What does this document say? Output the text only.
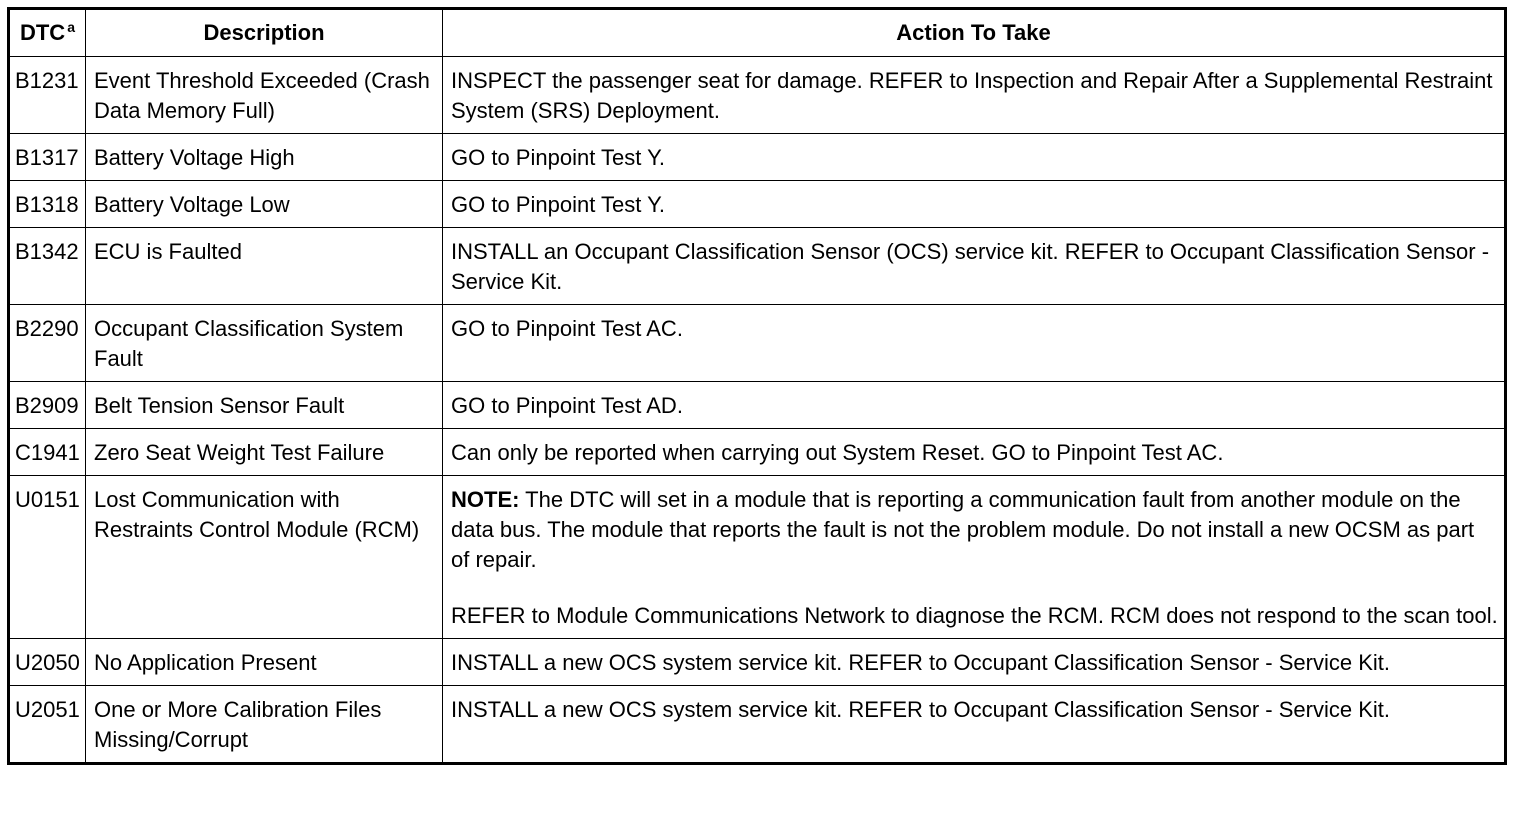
DTC $^a$	Description	Action To Take
B1231	Event Threshold Exceeded (Crash Data Memory Full)	INSPECT the passenger seat for damage. REFER to Inspection and Repair After a Supplemental Restraint System (SRS) Deployment.
B1317	Battery Voltage High	GO to Pinpoint Test Y.
B1318	Battery Voltage Low	GO to Pinpoint Test Y.
B1342	ECU is Faulted	INSTALL an Occupant Classification Sensor (OCS) service kit. REFER to Occupant Classification Sensor - Service Kit.
B2290	Occupant Classification System Fault	GO to Pinpoint Test AC.
B2909	Belt Tension Sensor Fault	GO to Pinpoint Test AD.
C1941	Zero Seat Weight Test Failure	Can only be reported when carrying out System Reset. GO to Pinpoint Test AC.
U0151	Lost Communication with Restraints Control Module (RCM)	NOTE: The DTC will set in a module that is reporting a communication fault from another module on the data bus. The module that reports the fault is not the problem module. Do not install a new OCSM as part of repair.
REFER to Module Communications Network to diagnose the RCM. RCM does not respond to the scan tool.

U2050	No Application Present	INSTALL a new OCS system service kit. REFER to Occupant Classification Sensor - Service Kit.
U2051	One or More Calibration Files Missing/Corrupt	INSTALL a new OCS system service kit. REFER to Occupant Classification Sensor - Service Kit.
